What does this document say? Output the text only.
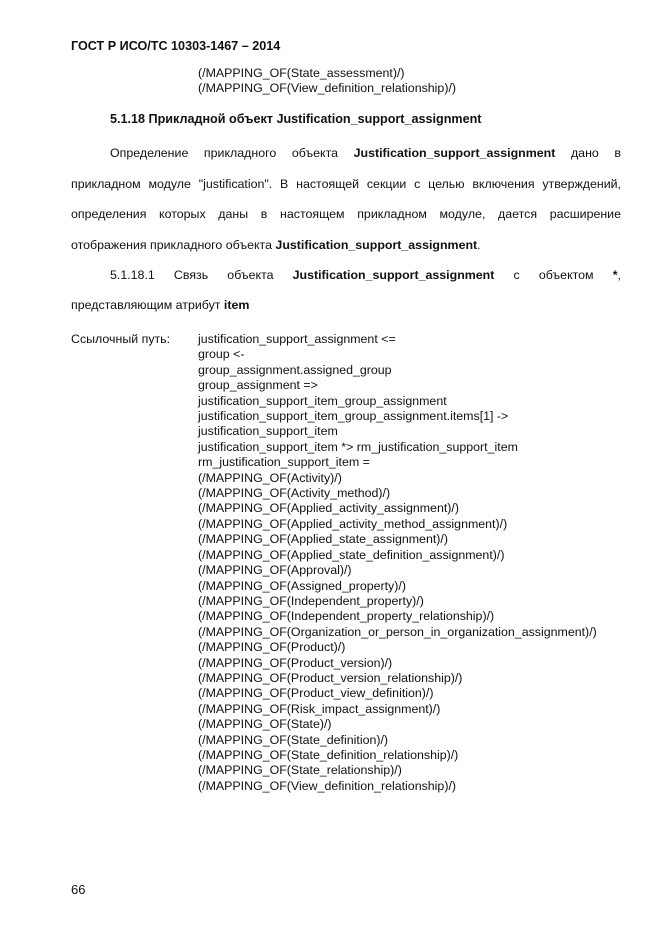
ГОСТ Р ИСО/ТС 10303-1467 – 2014
(/MAPPING_OF(State_assessment)/)
(/MAPPING_OF(View_definition_relationship)/)
5.1.18 Прикладной объект Justification_support_assignment
Определение прикладного объекта Justification_support_assignment дано в
прикладном модуле "justification". В настоящей секции с целью включения утверждений,
определения которых даны в настоящем прикладном модуле, дается расширение
отображения прикладного объекта Justification_support_assignment.
5.1.18.1 Связь объекта Justification_support_assignment с объектом *,
представляющим атрибут item
Ссылочный путь: justification_support_assignment <=
group <-
group_assignment.assigned_group
group_assignment =>
justification_support_item_group_assignment
justification_support_item_group_assignment.items[1] ->
justification_support_item
justification_support_item *> rm_justification_support_item
rm_justification_support_item =
(/MAPPING_OF(Activity)/)
(/MAPPING_OF(Activity_method)/)
(/MAPPING_OF(Applied_activity_assignment)/)
(/MAPPING_OF(Applied_activity_method_assignment)/)
(/MAPPING_OF(Applied_state_assignment)/)
(/MAPPING_OF(Applied_state_definition_assignment)/)
(/MAPPING_OF(Approval)/)
(/MAPPING_OF(Assigned_property)/)
(/MAPPING_OF(Independent_property)/)
(/MAPPING_OF(Independent_property_relationship)/)
(/MAPPING_OF(Organization_or_person_in_organization_assignment)/)
(/MAPPING_OF(Product)/)
(/MAPPING_OF(Product_version)/)
(/MAPPING_OF(Product_version_relationship)/)
(/MAPPING_OF(Product_view_definition)/)
(/MAPPING_OF(Risk_impact_assignment)/)
(/MAPPING_OF(State)/)
(/MAPPING_OF(State_definition)/)
(/MAPPING_OF(State_definition_relationship)/)
(/MAPPING_OF(State_relationship)/)
(/MAPPING_OF(View_definition_relationship)/)
66
